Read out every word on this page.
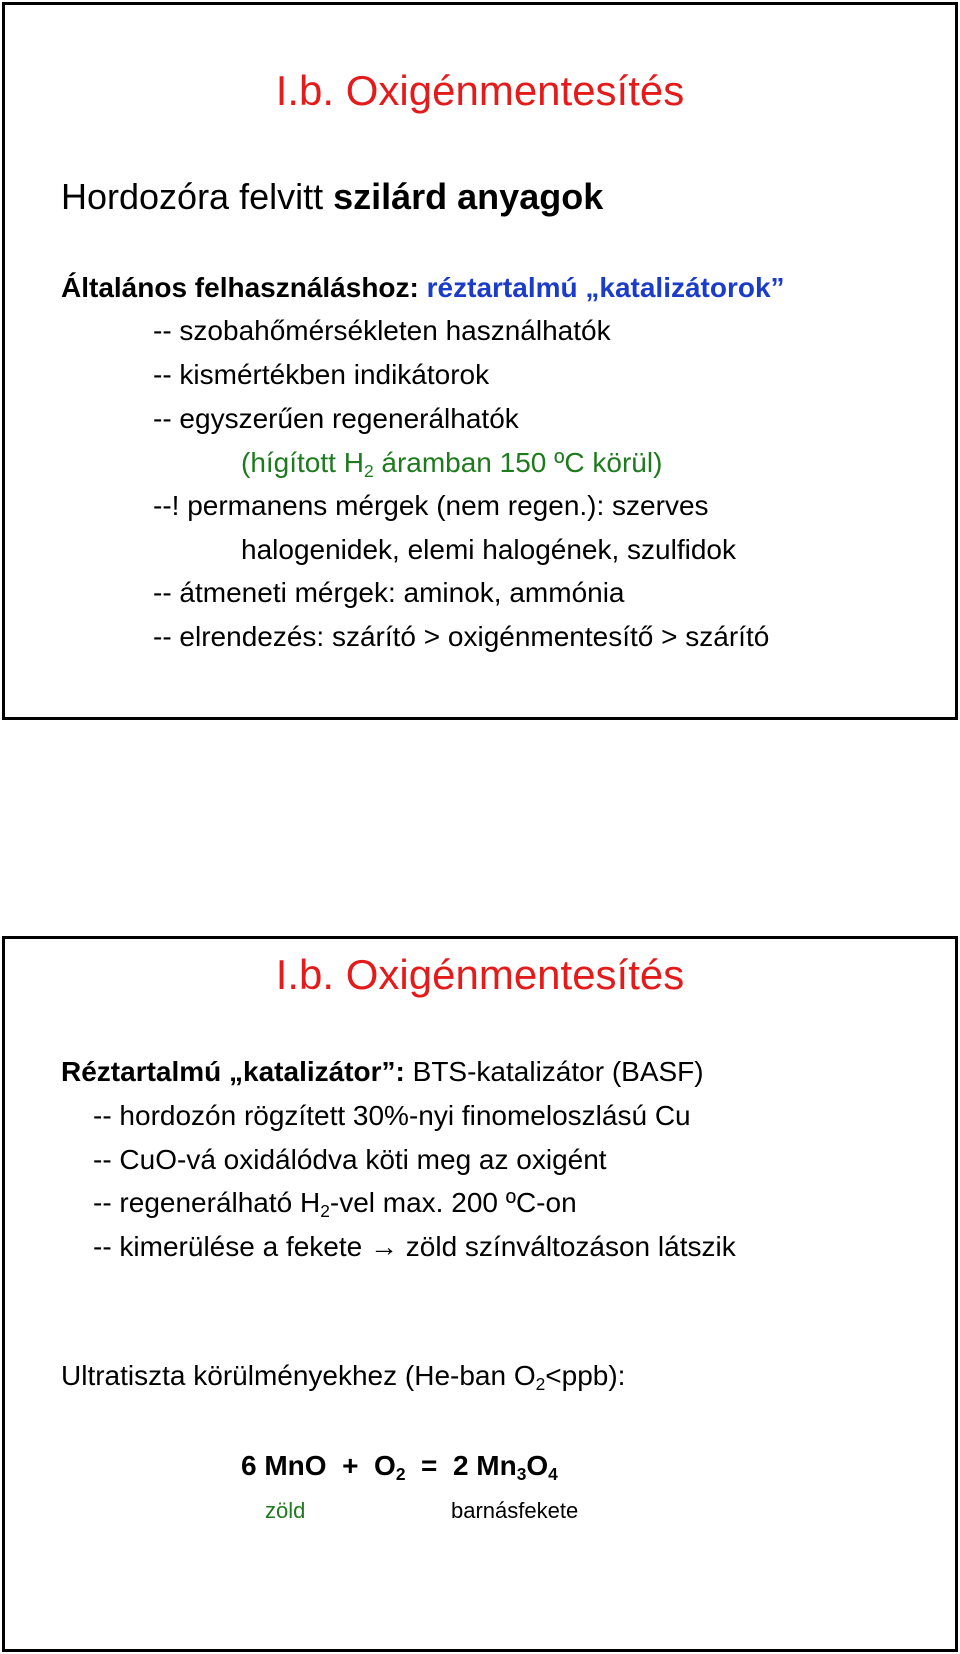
I.b. Oxigénmentesítés
Hordozóra felvitt szilárd anyagok
Általános felhasználáshoz: réztartalmú „katalizátorok”
-- szobahőmérsékleten használhatók
-- kismértékben indikátorok
-- egyszerűen regenerálhatók
(hígított $H_2$ áramban 150 ºC körül)
--! permanens mérgek (nem regen.): szerves
halogenidek, elemi halogének, szulfidok
-- átmeneti mérgek: aminok, ammónia
-- elrendezés: szárító > oxigénmentesítő > szárító
I.b. Oxigénmentesítés
Réztartalmú „katalizátor”: BTS-katalizátor (BASF)
-- hordozón rögzített 30%-nyi finomeloszlású Cu
-- CuO-vá oxidálódva köti meg az oxigént
-- regenerálható $H_2$-vel max. 200 ºC-on
-- kimerülése a fekete → zöld színváltozáson látszik
Ultratiszta körülményekhez (He-ban $O_2<ppb$):
6 MnO  +  $O_2 = 2$ $Mn_3O_4$
zöld	barnásfekete
